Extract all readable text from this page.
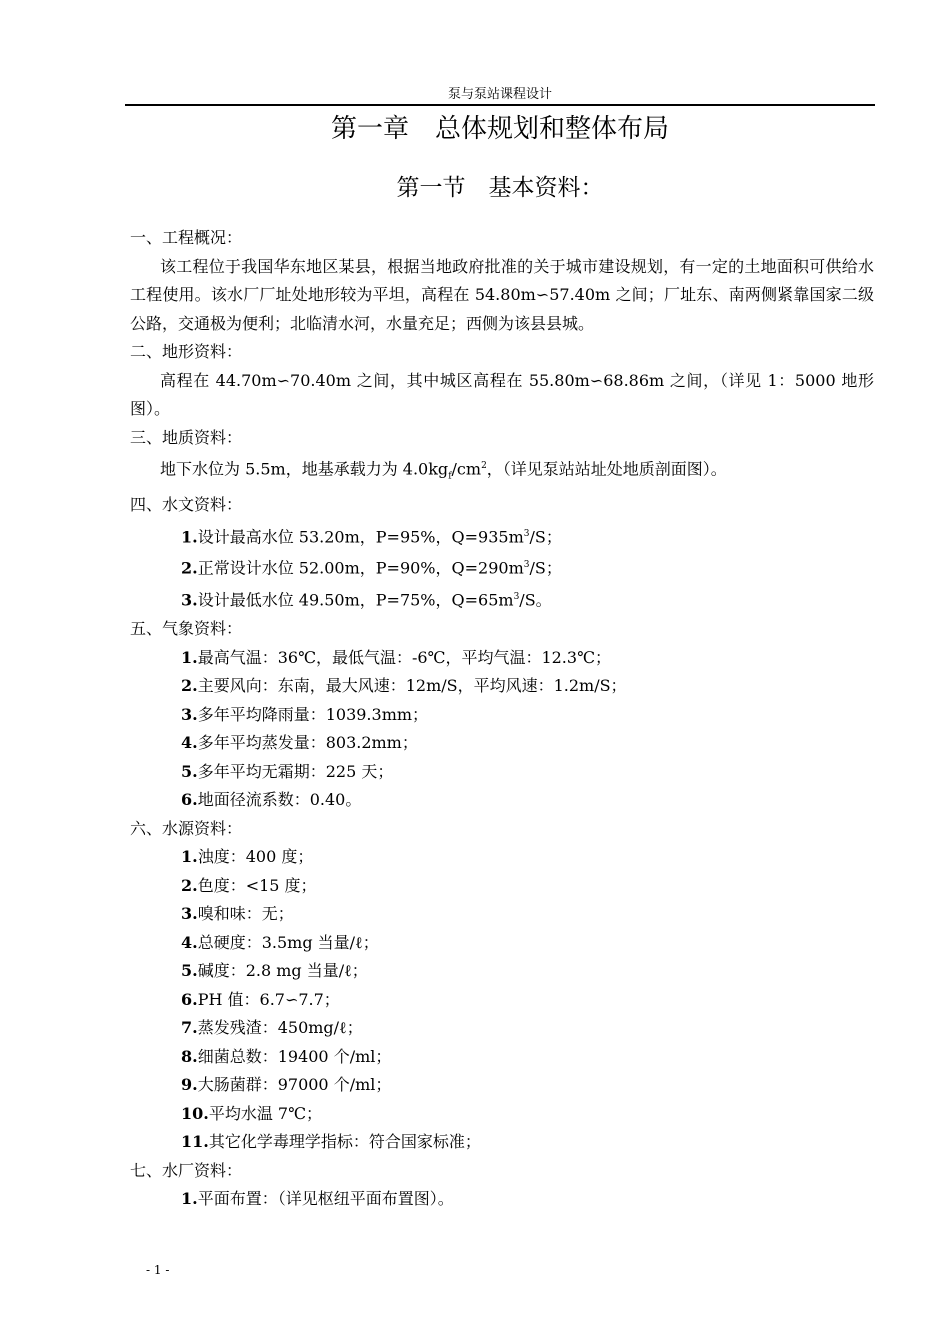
泵与泵站课程设计
第一章　总体规划和整体布局
第一节　基本资料：

一、工程概况：

该工程位于我国华东地区某县，根据当地政府批准的关于城市建设规划，有一定的土地面积可供给水工程使用。该水厂厂址处地形较为平坦，高程在 54.80m∽57.40m 之间；厂址东、南两侧紧靠国家二级公路，交通极为便利；北临清水河，水量充足；西侧为该县县城。

二、地形资料：

高程在 44.70m∽70.40m 之间，其中城区高程在 55.80m∽68.86m 之间，（详见 1：5000 地形图）。

三、地质资料：

地下水位为 5.5m，地基承载力为 $4.0kg_f/cm^2$，（详见泵站站址处地质剖面图）。

四、水文资料：

1.设计最高水位 53.20m，P=95%，$Q=935m^3/S$；

2.正常设计水位 52.00m，P=90%，$Q=290m^3/S$；

3.设计最低水位 49.50m，P=75%，$Q=65m^3/S$。

五、气象资料：

1.最高气温：36℃，最低气温：-6℃，平均气温：12.3℃；

2.主要风向：东南，最大风速：12m/S，平均风速：1.2m/S；

3.多年平均降雨量：1039.3mm；

4.多年平均蒸发量：803.2mm；

5.多年平均无霜期：225 天；

6.地面径流系数：0.40。

六、水源资料：

1.浊度：400 度；

2.色度：<15 度；

3.嗅和味：无；

4.总硬度：3.5mg 当量/ℓ；

5.碱度：2.8 mg 当量/ℓ；

6.PH 值：6.7∽7.7；

7.蒸发残渣：450mg/ℓ；

8.细菌总数：19400 个/ml；

9.大肠菌群：97000 个/ml；

10.平均水温 7℃；

11.其它化学毒理学指标：符合国家标准；

七、水厂资料：

1.平面布置：（详见枢纽平面布置图）。

- 1 -
